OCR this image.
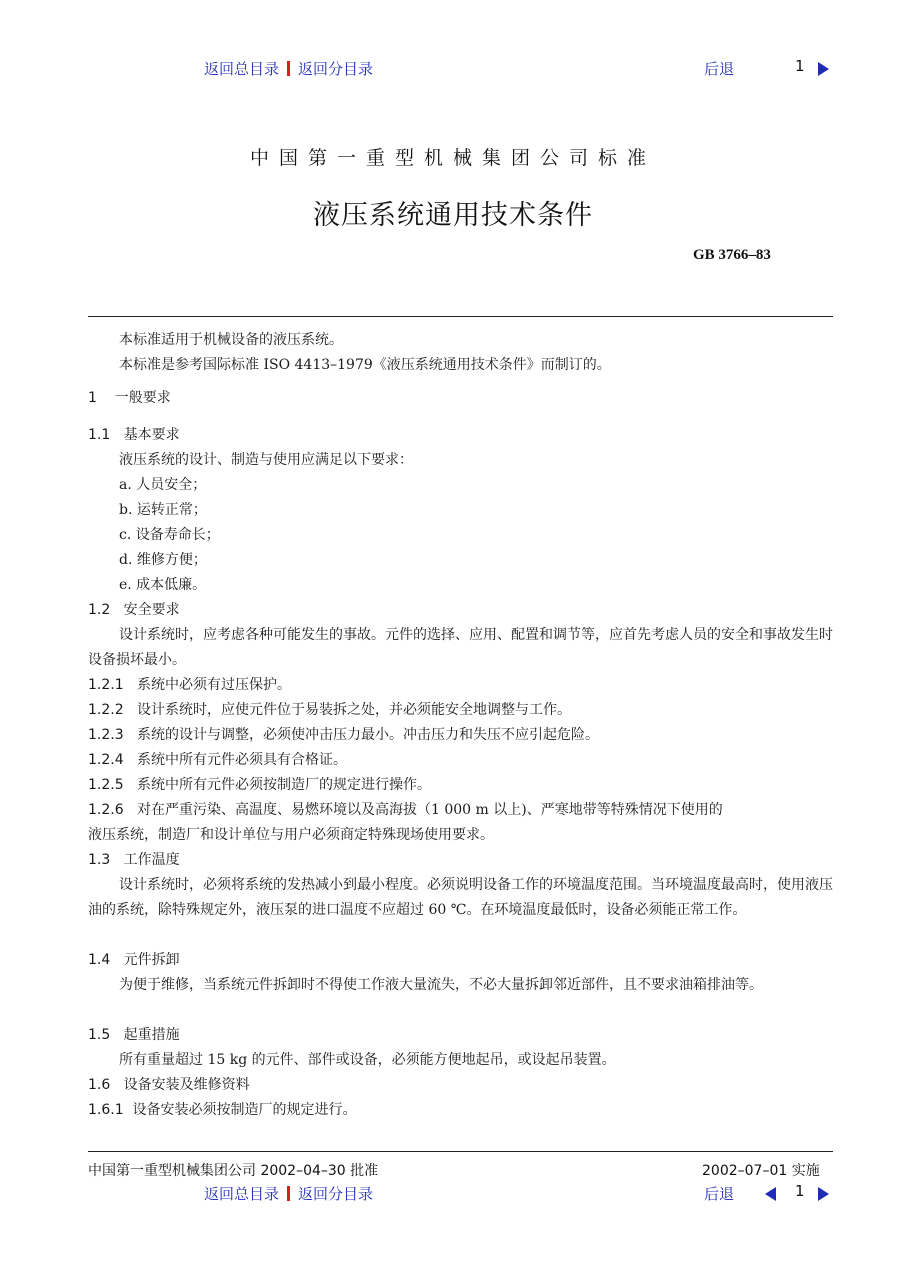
返回总目录 返回分目录	后退	1
中国第一重型机械集团公司标准
液压系统通用技术条件
GB 3766–83
本标准适用于机械设备的液压系统。
本标准是参考国际标准 ISO 4413–1979《液压系统通用技术条件》而制订的。
1 一般要求
1.1 基本要求
液压系统的设计、制造与使用应满足以下要求：
a. 人员安全；
b. 运转正常；
c. 设备寿命长；
d. 维修方便；
e. 成本低廉。
1.2 安全要求
设计系统时，应考虑各种可能发生的事故。元件的选择、应用、配置和调节等，应首先考虑人员的安全和事故发生时设备损坏最小。
1.2.1 系统中必须有过压保护。
1.2.2 设计系统时，应使元件位于易装拆之处，并必须能安全地调整与工作。
1.2.3 系统的设计与调整，必须使冲击压力最小。冲击压力和失压不应引起危险。
1.2.4 系统中所有元件必须具有合格证。
1.2.5 系统中所有元件必须按制造厂的规定进行操作。
1.2.6 对在严重污染、高温度、易燃环境以及高海拔（1 000 m 以上)、严寒地带等特殊情况下使用的
液压系统，制造厂和设计单位与用户必须商定特殊现场使用要求。
1.3 工作温度
设计系统时，必须将系统的发热减小到最小程度。必须说明设备工作的环境温度范围。当环境温度最高时，使用液压油的系统，除特殊规定外，液压泵的进口温度不应超过 60 ℃。在环境温度最低时，设备必须能正常工作。
1.4 元件拆卸
为便于维修，当系统元件拆卸时不得使工作液大量流失，不必大量拆卸邻近部件，且不要求油箱排油等。
1.5 起重措施
所有重量超过 15 kg 的元件、部件或设备，必须能方便地起吊，或设起吊装置。
1.6 设备安装及维修资料
1.6.1 设备安装必须按制造厂的规定进行。
中国第一重型机械集团公司 2002–04–30 批准	2002–07–01 实施
返回总目录 返回分目录	后退	1
